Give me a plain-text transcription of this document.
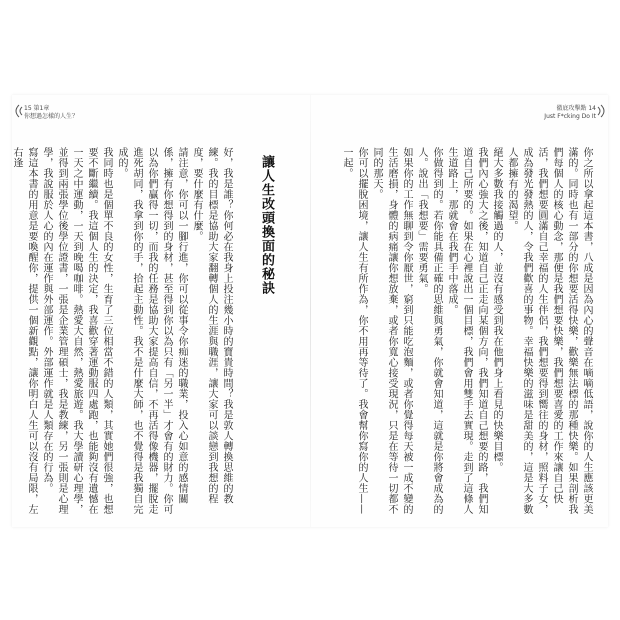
15 第1章
你想過怎樣的人生？
徹底攻擊點 14
Just F*cking Do It
好，我是誰？你何必在我身上投注幾小時的寶貴時間？我是敦人轉換思維的教練。我的目標是協助大家翻轉個人的生涯與職涯，讓大家可以談戀到我想的程度，要什麼有什麼。
請注意，你可以一腳行進，你可以從事令你痴迷的職業，投入心如意的感情關係，擁有你想得到的身材，甚至得到你以為只有「另一半」才會有的財力。你可以為你們贏得一切，而我的任務是協助大家提高自信，不再活得像機器，擺脫走進死胡同，我拿到你的手，拾起主動性。我不是什麼大師，也不覺得是我獨自完成的。
我同時也是個單不良的女性，生育了三位相當不錯的人類，其實她們很強，也想要不斷繼續。我這個人生的決定，我喜歡穿著運動服四處跑，也能夠沒有遺憾在一天之中運動，一天到晚喝咖啡。熱愛大自然，熱愛旅遊。我大學讀研心理學，並得到兩張學位後學位證書，一張是企業管理碩士，我是教練，另一張則是心理學，我說服於人心的內在運作與外部運作。外部運作就是人類存在的行為。
寫這本書的用意是要喚醒你，提供一個新觀點，讓你明白人生可以沒有局限，左右逢	讓人生改頭換面的秘訣	你之所以拿起這本書，八成是因為內心的聲音在嘀嘀低語，說你的人生應該更美滿的。同時也有一部分的你想要活得快樂，歡樂無法標的那種快樂。如果剖析我們每個人的核心動念，那便是我們想要快樂，我們想要喜愛的工作來讓自己快活，我們想要圓滿自己幸福的人生伴侶，我們想要得到嚮往的身材，照料子女，成為發光發熱的人，令我們歡喜的事物。幸福快樂的滋味是甜美的，這是大多數人都擁有的渴望。
絕大多數我接觸過的人，並沒有感受到我在他們身上看見的快樂目標。
我們內心強大之後，知道自己正走向某個方向，我們知道自己想要的路，我們知道自己所要的。如果在心裡說出一個目標，我們會用雙手去實現。走到了這條人生道路上，那就會在我們手中落成。
你做得到的。若你能具備正確的思維與勇氣，你就會知道，這就是你將會成為的人。說出「我想要」需要勇氣。
如果你的工作無聊到令你厭世，窮到只能吃泡麵，或者你覺得每天被一成不變的生活磨損，身體的病痛讓你想放棄，或者你寬心接受現況，只是在等待一切都不同的那天。
你可以擺脫困境，讓人生有所作為，你不用再等待了。我會幫你寫你的人生——一起。
